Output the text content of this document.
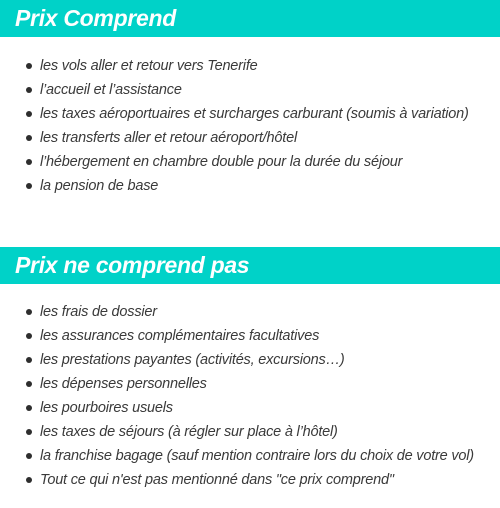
Prix Comprend
les vols aller et retour vers Tenerife
l’accueil et l’assistance
les taxes aéroportuaires et surcharges carburant (soumis à variation)
les transferts aller et retour aéroport/hôtel
l’hébergement en chambre double pour la durée du séjour
la pension de base
Prix ne comprend pas
les frais de dossier
les assurances complémentaires facultatives
les prestations payantes (activités, excursions…)
les dépenses personnelles
les pourboires usuels
les taxes de séjours (à régler sur place à l’hôtel)
la franchise bagage (sauf mention contraire lors du choix de votre vol)
Tout ce qui n'est pas mentionné dans "ce prix comprend"
